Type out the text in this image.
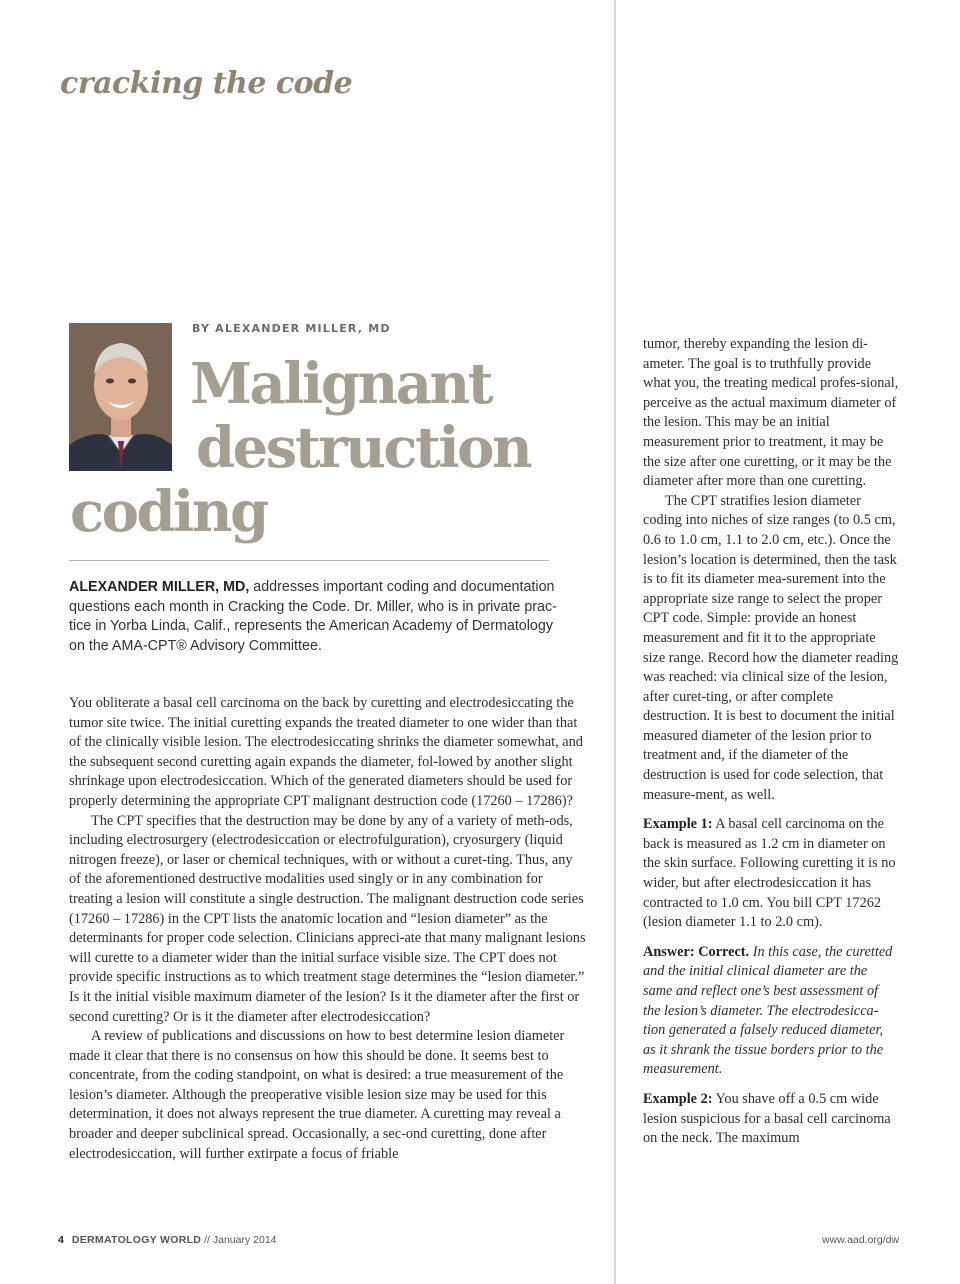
cracking the code
BY ALEXANDER MILLER, MD
Malignant
destruction
coding
ALEXANDER MILLER, MD, addresses important coding and documentation questions each month in Cracking the Code. Dr. Miller, who is in private prac-tice in Yorba Linda, Calif., represents the American Academy of Dermatology on the AMA-CPT® Advisory Committee.

You obliterate a basal cell carcinoma on the back by curetting and electrodesiccating the tumor site twice. The initial curetting expands the treated diameter to one wider than that of the clinically visible lesion. The electrodesiccating shrinks the diameter somewhat, and the subsequent second curetting again expands the diameter, fol-lowed by another slight shrinkage upon electrodesiccation. Which of the generated diameters should be used for properly determining the appropriate CPT malignant destruction code (17260 – 17286)?

The CPT specifies that the destruction may be done by any of a variety of meth-ods, including electrosurgery (electrodesiccation or electrofulguration), cryosurgery (liquid nitrogen freeze), or laser or chemical techniques, with or without a curet-ting. Thus, any of the aforementioned destructive modalities used singly or in any combination for treating a lesion will constitute a single destruction. The malignant destruction code series (17260 – 17286) in the CPT lists the anatomic location and “lesion diameter” as the determinants for proper code selection. Clinicians appreci-ate that many malignant lesions will curette to a diameter wider than the initial surface visible size. The CPT does not provide specific instructions as to which treatment stage determines the “lesion diameter.” Is it the initial visible maximum diameter of the lesion? Is it the diameter after the first or second curetting? Or is it the diameter after electrodesiccation?

A review of publications and discussions on how to best determine lesion diameter made it clear that there is no consensus on how this should be done. It seems best to concentrate, from the coding standpoint, on what is desired: a true measurement of the lesion’s diameter. Although the preoperative visible lesion size may be used for this determination, it does not always represent the true diameter. A curetting may reveal a broader and deeper subclinical spread. Occasionally, a sec-ond curetting, done after electrodesiccation, will further extirpate a focus of friable

tumor, thereby expanding the lesion di-ameter. The goal is to truthfully provide what you, the treating medical profes-sional, perceive as the actual maximum diameter of the lesion. This may be an initial measurement prior to treatment, it may be the size after one curetting, or it may be the diameter after more than one curetting.

The CPT stratifies lesion diameter coding into niches of size ranges (to 0.5 cm, 0.6 to 1.0 cm, 1.1 to 2.0 cm, etc.). Once the lesion’s location is determined, then the task is to fit its diameter mea-surement into the appropriate size range to select the proper CPT code. Simple: provide an honest measurement and fit it to the appropriate size range. Record how the diameter reading was reached: via clinical size of the lesion, after curet-ting, or after complete destruction. It is best to document the initial measured diameter of the lesion prior to treatment and, if the diameter of the destruction is used for code selection, that measure-ment, as well.

Example 1: A basal cell carcinoma on the back is measured as 1.2 cm in diameter on the skin surface. Following curetting it is no wider, but after electrodesiccation it has contracted to 1.0 cm. You bill CPT 17262 (lesion diameter 1.1 to 2.0 cm).

Answer: Correct. In this case, the curetted and the initial clinical diameter are the same and reflect one’s best assessment of the lesion’s diameter. The electrodesicca-tion generated a falsely reduced diameter, as it shrank the tissue borders prior to the measurement.

Example 2: You shave off a 0.5 cm wide lesion suspicious for a basal cell carcinoma on the neck. The maximum

4 DERMATOLOGY WORLD // January 2014	www.aad.org/dw
